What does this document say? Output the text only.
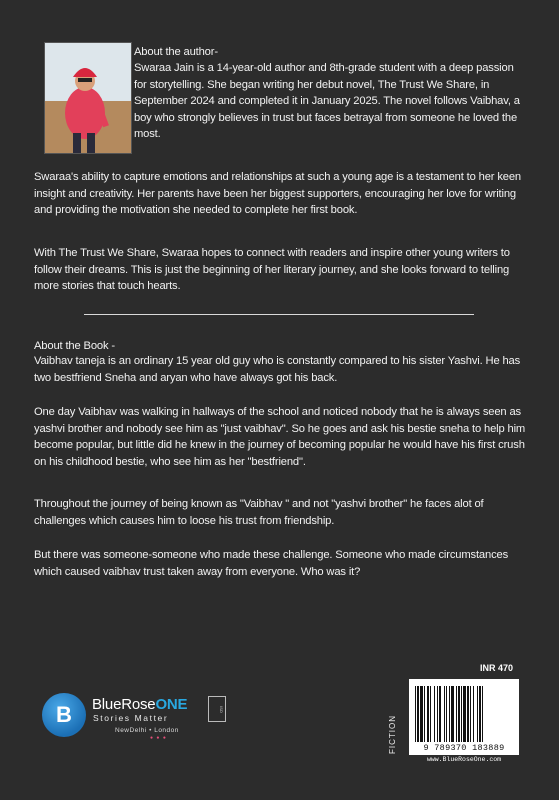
About the author-
Swaraa Jain is a 14-year-old author and 8th-grade student with a deep passion for storytelling. She began writing her debut novel, The Trust We Share, in September 2024 and completed it in January 2025. The novel follows Vaibhav, a boy who strongly believes in trust but faces betrayal from someone he loved the most.
Swaraa's ability to capture emotions and relationships at such a young age is a testament to her keen insight and creativity. Her parents have been her biggest supporters, encouraging her love for writing and providing the motivation she needed to complete her first book.
With The Trust We Share, Swaraa hopes to connect with readers and inspire other young writers to follow their dreams. This is just the beginning of her literary journey, and she looks forward to telling more stories that touch hearts.
About the Book -
Vaibhav taneja is an ordinary 15 year old guy who is constantly compared to his sister Yashvi. He has two bestfriend Sneha and aryan who have always got his back.
One day Vaibhav was walking in hallways of the school and noticed nobody that he is always seen as yashvi brother and nobody see him as "just vaibhav". So he goes and ask his bestie sneha to help him become popular, but little did he knew in the journey of becoming popular he would have his first crush on his childhood bestie, who see him as her "bestfriend".
Throughout the journey of being known as "Vaibhav " and not "yashvi brother" he faces alot of challenges which causes him to loose his trust from friendship.
But there was someone-someone who made these challenge. Someone who made circumstances which caused vaibhav trust taken away from everyone. Who was it?
B BlueRoseONE
Stories Matter
ISO
NewDelhi • London
● ● ●
INR 470
FICTION	9 789370 183889
www.BlueRoseOne.com
